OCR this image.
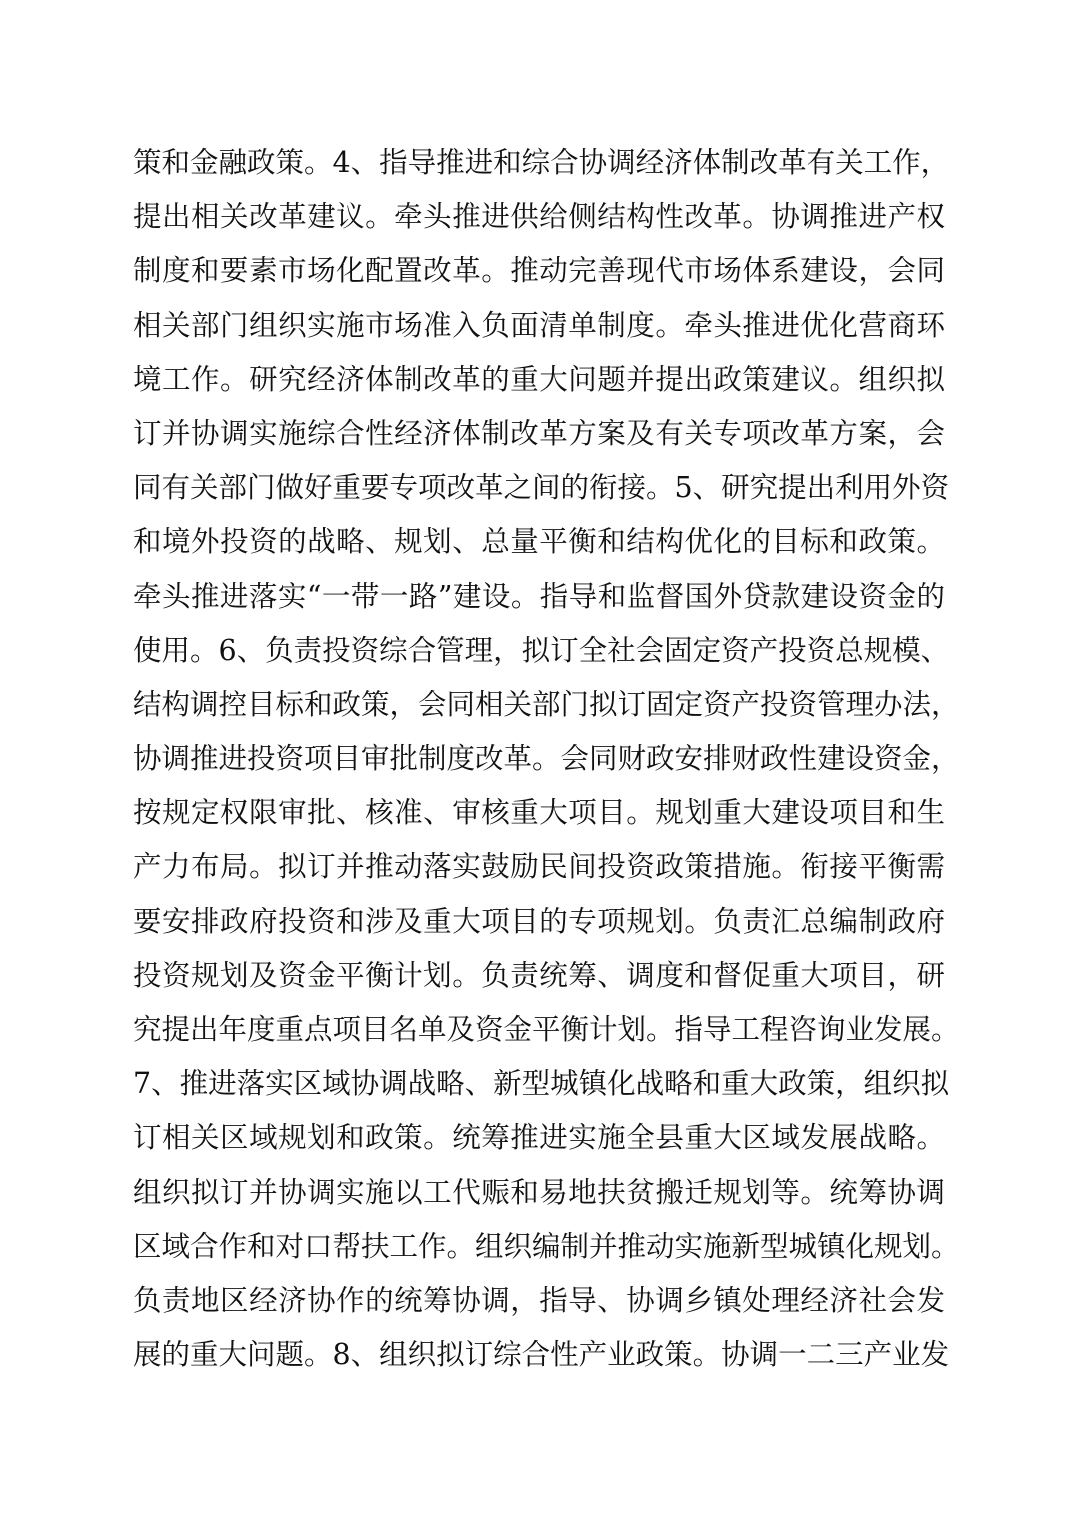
策和金融政策。4、指导推进和综合协调经济体制改革有关工作，
提出相关改革建议。牵头推进供给侧结构性改革。协调推进产权
制度和要素市场化配置改革。推动完善现代市场体系建设，会同
相关部门组织实施市场准入负面清单制度。牵头推进优化营商环
境工作。研究经济体制改革的重大问题并提出政策建议。组织拟
订并协调实施综合性经济体制改革方案及有关专项改革方案，会
同有关部门做好重要专项改革之间的衔接。5、研究提出利用外资
和境外投资的战略、规划、总量平衡和结构优化的目标和政策。
牵头推进落实“一带一路”建设。指导和监督国外贷款建设资金的
使用。6、负责投资综合管理，拟订全社会固定资产投资总规模、
结构调控目标和政策，会同相关部门拟订固定资产投资管理办法，
协调推进投资项目审批制度改革。会同财政安排财政性建设资金，
按规定权限审批、核准、审核重大项目。规划重大建设项目和生
产力布局。拟订并推动落实鼓励民间投资政策措施。衔接平衡需
要安排政府投资和涉及重大项目的专项规划。负责汇总编制政府
投资规划及资金平衡计划。负责统筹、调度和督促重大项目，研
究提出年度重点项目名单及资金平衡计划。指导工程咨询业发展。
7、推进落实区域协调战略、新型城镇化战略和重大政策，组织拟
订相关区域规划和政策。统筹推进实施全县重大区域发展战略。
组织拟订并协调实施以工代赈和易地扶贫搬迁规划等。统筹协调
区域合作和对口帮扶工作。组织编制并推动实施新型城镇化规划。
负责地区经济协作的统筹协调，指导、协调乡镇处理经济社会发
展的重大问题。8、组织拟订综合性产业政策。协调一二三产业发
